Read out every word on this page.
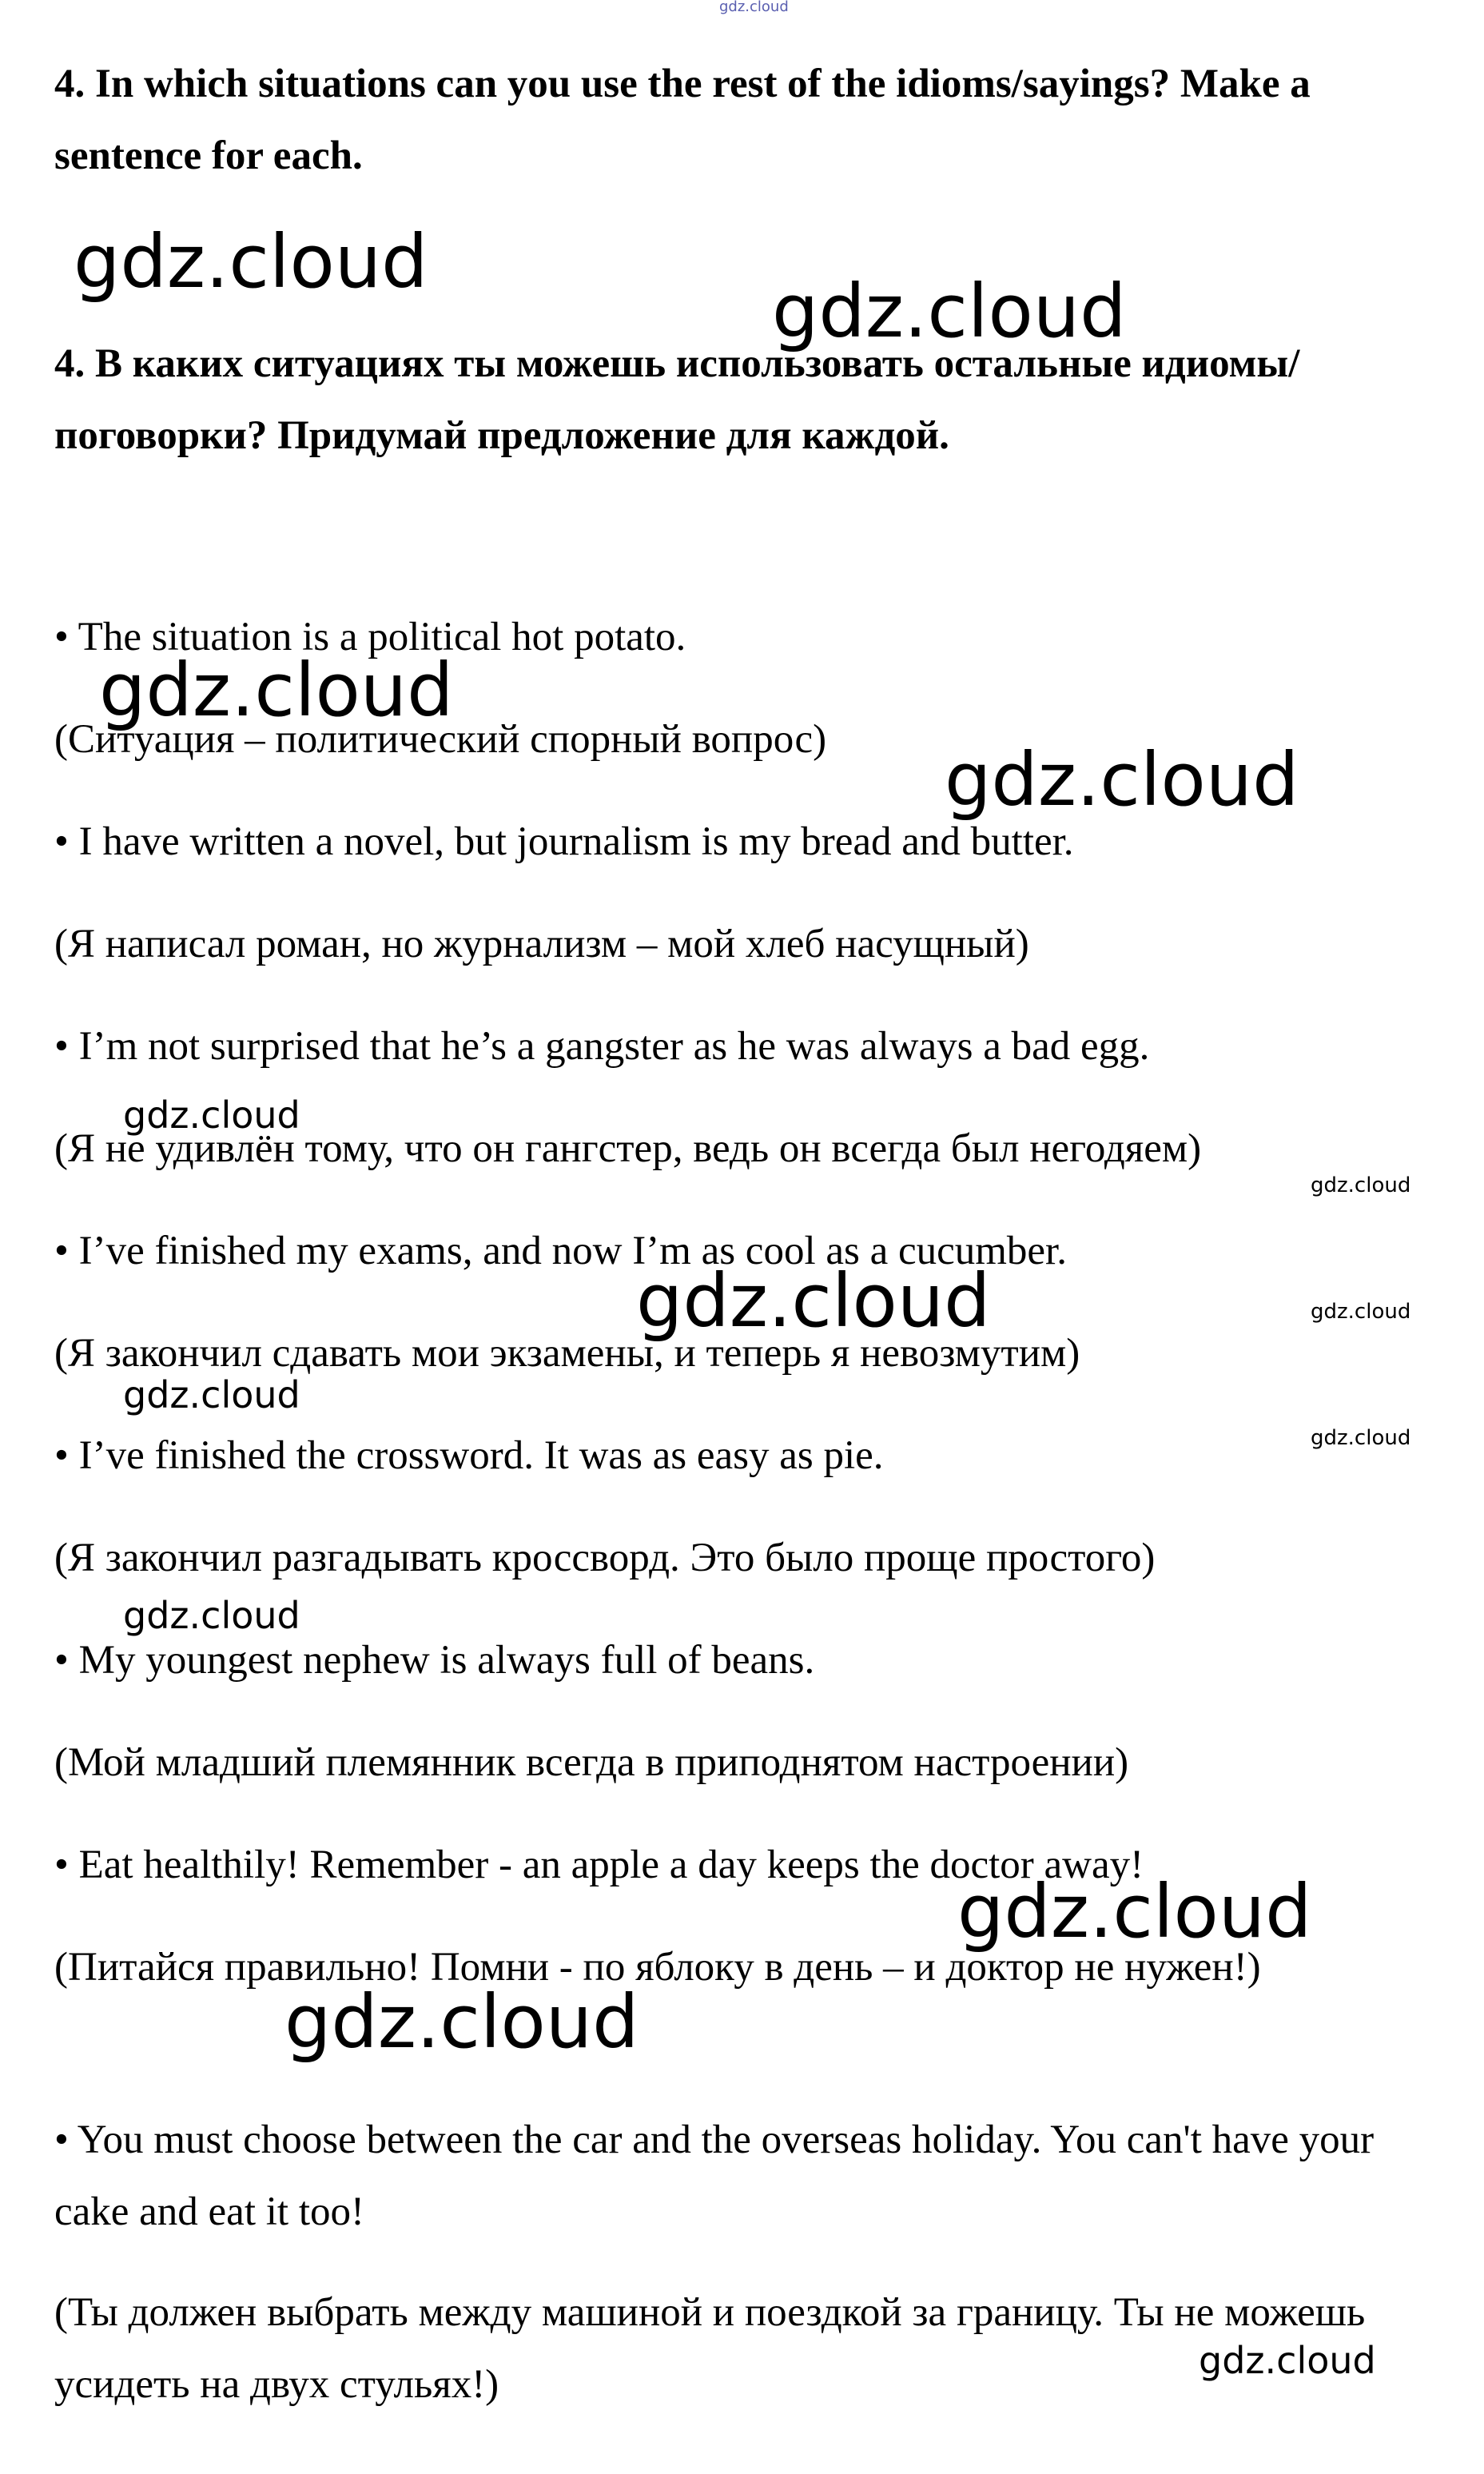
gdz.cloud
gdz.cloud
gdz.cloud
gdz.cloud
gdz.cloud
gdz.cloud
gdz.cloud
gdz.cloud	gdz.cloud
gdz.cloud
gdz.cloud
gdz.cloud
gdz.cloud
gdz.cloud
gdz.cloud
4. In which situations can you use the rest of the idioms/sayings? Make a sentence for each.
4. В каких ситуациях ты можешь использовать остальные идиомы/поговорки? Придумай предложение для каждой.
• The situation is a political hot potato.
(Ситуация – политический спорный вопрос)
• I have written a novel, but journalism is my bread and butter.
(Я написал роман, но журнализм – мой хлеб насущный)
• I’m not surprised that he’s a gangster as he was always a bad egg.
(Я не удивлён тому, что он гангстер, ведь он всегда был негодяем)
• I’ve finished my exams, and now I’m as cool as a cucumber.
(Я закончил сдавать мои экзамены, и теперь я невозмутим)
• I’ve finished the crossword. It was as easy as pie.
(Я закончил разгадывать кроссворд. Это было проще простого)
• My youngest nephew is always full of beans.
(Мой младший племянник всегда в приподнятом настроении)
• Eat healthily! Remember - an apple a day keeps the doctor away!
(Питайся правильно! Помни - по яблоку в день – и доктор не нужен!)
• You must choose between the car and the overseas holiday. You can't have your cake and eat it too!
(Ты должен выбрать между машиной и поездкой за границу. Ты не можешь усидеть на двух стульях!)
